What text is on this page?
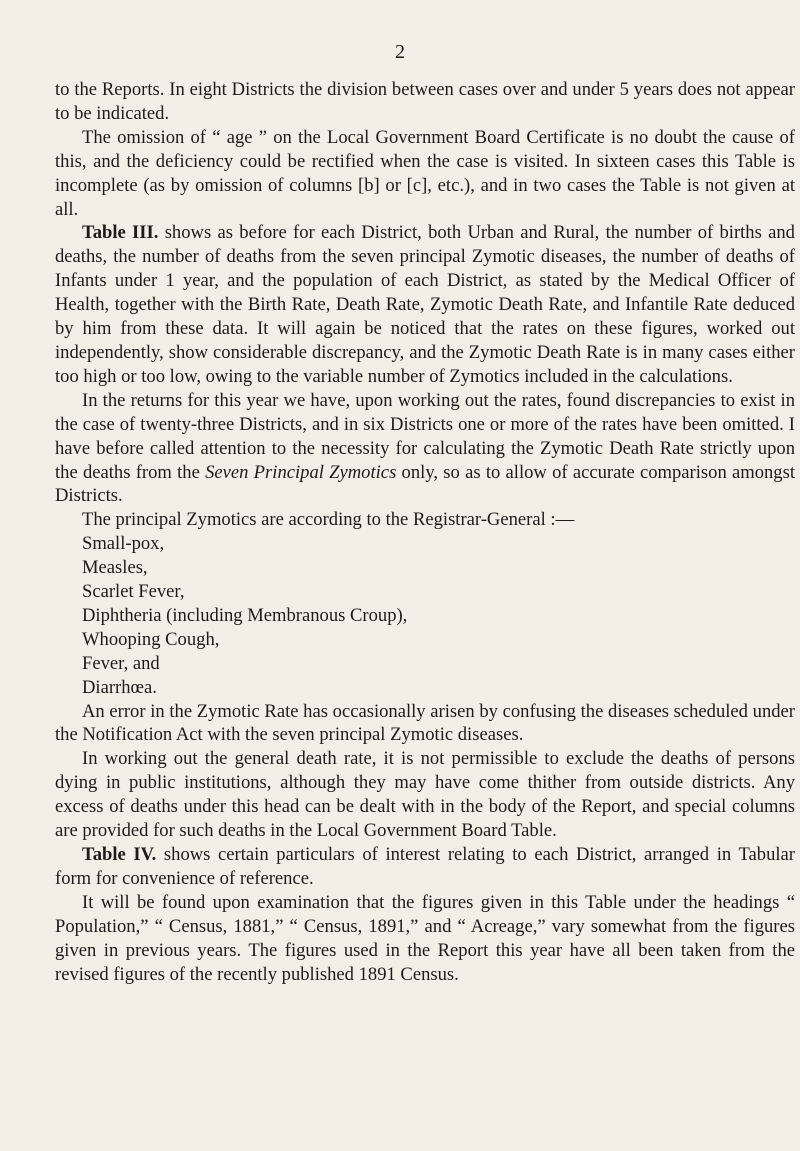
2

to the Reports. In eight Districts the division between cases over and under 5 years does not appear to be indicated.

The omission of “ age ” on the Local Government Board Certificate is no doubt the cause of this, and the deficiency could be rectified when the case is visited. In sixteen cases this Table is incomplete (as by omission of columns [b] or [c], etc.), and in two cases the Table is not given at all.

Table III. shows as before for each District, both Urban and Rural, the number of births and deaths, the number of deaths from the seven principal Zymotic diseases, the number of deaths of Infants under 1 year, and the population of each District, as stated by the Medical Officer of Health, together with the Birth Rate, Death Rate, Zymotic Death Rate, and Infantile Rate deduced by him from these data. It will again be noticed that the rates on these figures, worked out independently, show considerable discrepancy, and the Zymotic Death Rate is in many cases either too high or too low, owing to the variable number of Zymotics included in the calculations.

In the returns for this year we have, upon working out the rates, found discrepancies to exist in the case of twenty-three Districts, and in six Districts one or more of the rates have been omitted. I have before called attention to the necessity for calculating the Zymotic Death Rate strictly upon the deaths from the Seven Principal Zymotics only, so as to allow of accurate comparison amongst Districts.

The principal Zymotics are according to the Registrar-General :—

Small-pox,
Measles,
Scarlet Fever,
Diphtheria (including Membranous Croup),
Whooping Cough,
Fever, and
Diarrhœa.

An error in the Zymotic Rate has occasionally arisen by confusing the diseases scheduled under the Notification Act with the seven principal Zymotic diseases.

In working out the general death rate, it is not permissible to exclude the deaths of persons dying in public institutions, although they may have come thither from outside districts. Any excess of deaths under this head can be dealt with in the body of the Report, and special columns are provided for such deaths in the Local Government Board Table.

Table IV. shows certain particulars of interest relating to each District, arranged in Tabular form for convenience of reference.

It will be found upon examination that the figures given in this Table under the headings “ Population,” “ Census, 1881,” “ Census, 1891,” and “ Acreage,” vary somewhat from the figures given in previous years. The figures used in the Report this year have all been taken from the revised figures of the recently published 1891 Census.
